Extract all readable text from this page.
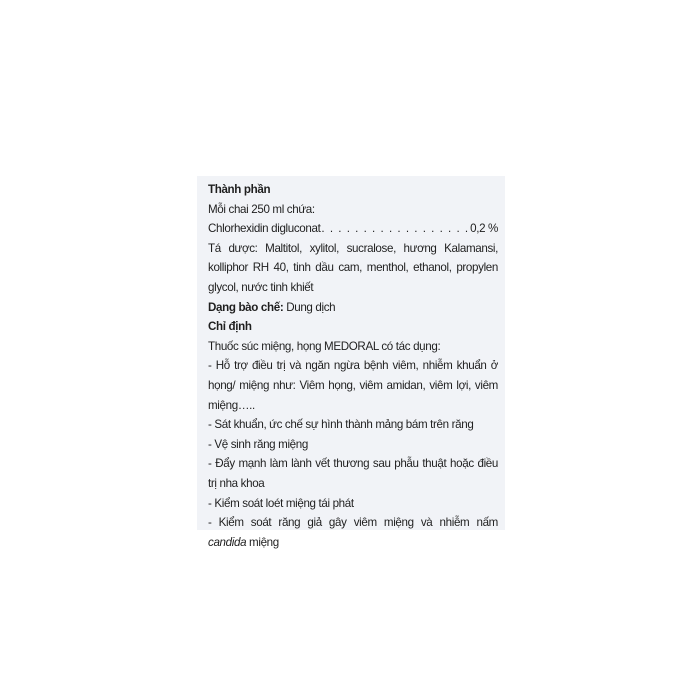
Thành phần
Mỗi chai 250 ml chứa:
Chlorhexidin digluconat . . . . . . . . . . . . . . . . . . 0,2 %
Tá dược: Maltitol, xylitol, sucralose, hương Kalamansi,
kolliphor RH 40, tinh dầu cam, menthol, ethanol, propylen
glycol, nước tinh khiết
Dạng bào chế: Dung dịch
Chỉ định
Thuốc súc miệng, họng MEDORAL có tác dụng:
- Hỗ trợ điều trị và ngăn ngừa bệnh viêm, nhiễm khuẩn ở
họng/ miệng như: Viêm họng, viêm amidan, viêm lợi, viêm
miệng…..
- Sát khuẩn, ức chế sự hình thành mảng bám trên răng
- Vệ sinh răng miệng
- Đẩy mạnh làm lành vết thương sau phẫu thuật hoặc điều
trị nha khoa
- Kiểm soát loét miệng tái phát
- Kiểm soát răng giả gây viêm miệng và nhiễm nấm
candida miệng
